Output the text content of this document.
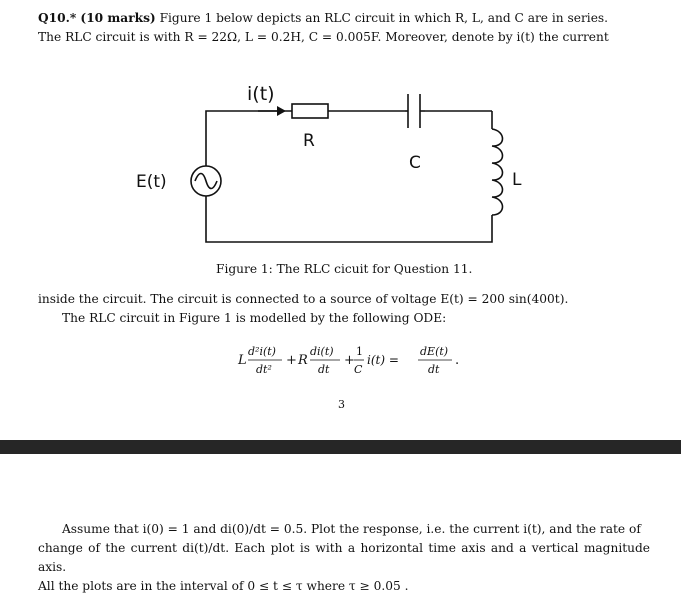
Q10.* (10 marks) Figure 1 below depicts an RLC circuit in which R, L, and C are in series.
The RLC circuit is with R = 22Ω, L = 0.2H, C = 0.005F. Moreover, denote by i(t) the current

i(t)
R
C
L
E(t)
Figure 1: The RLC cicuit for Question 11.

inside the circuit. The circuit is connected to a source of voltage E(t) = 200 sin(400t).
The RLC circuit in Figure 1 is modelled by the following ODE:

L
d²i(t)
dt²
+ R
di(t)
dt
+
1
C
i(t) =
dE(t)
dt
.
3

Assume that i(0) = 1 and di(0)/dt = 0.5. Plot the response, i.e. the current i(t), and the rate of
change of the current di(t)/dt. Each plot is with a horizontal time axis and a vertical magnitude axis.
All the plots are in the interval of 0 ≤ t ≤ τ where τ ≥ 0.05 .
